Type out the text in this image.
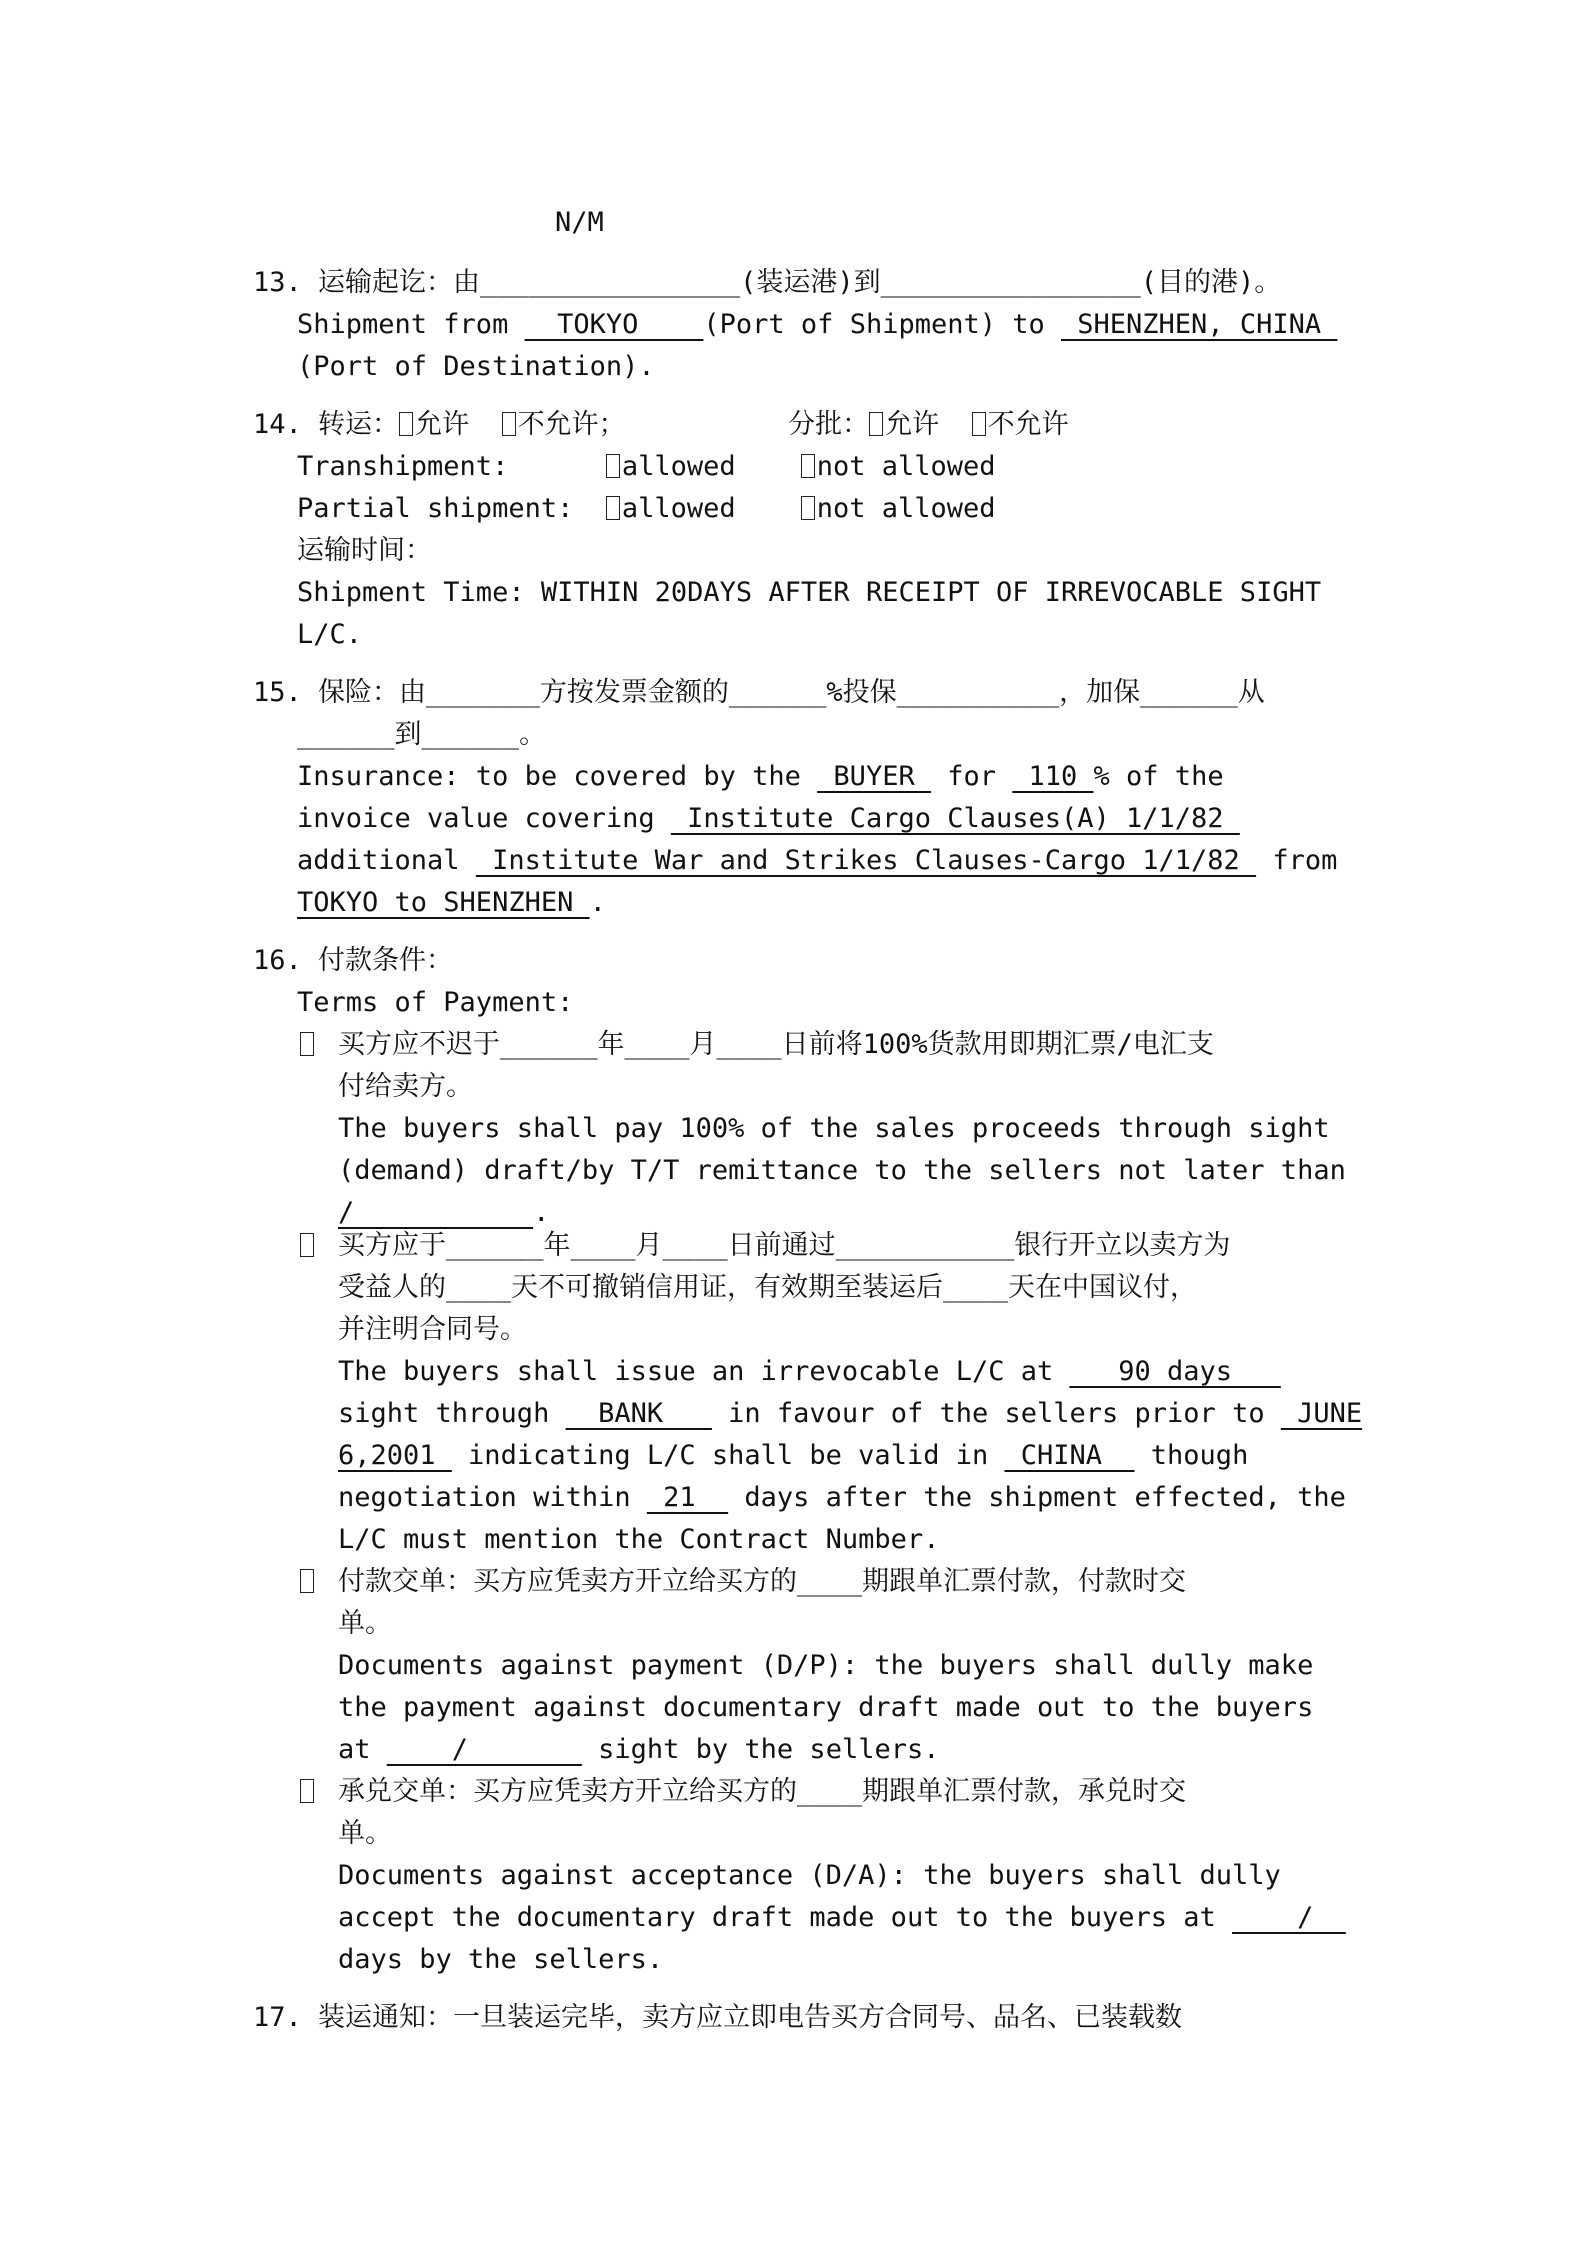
N/M
13. 运输起讫：由________________(装运港)到________________(目的港)。
Shipment from   TOKYO    (Port of Shipment) to  SHENZHEN, CHINA
(Port of Destination).
14. 转运： 允许 不允许；	分批： 允许 不允许
Transhipment:	allowed	not allowed
Partial shipment: allowed	not allowed
运输时间：
Shipment Time: WITHIN 20DAYS AFTER RECEIPT OF IRREVOCABLE SIGHT
L/C.
15. 保险：由_______方按发票金额的______%投保__________，加保______从
______到______。
Insurance: to be covered by the  BUYER  for  110 % of the
invoice value covering  Institute Cargo Clauses(A) 1/1/82
additional  Institute War and Strikes Clauses-Cargo 1/1/82  from
TOKYO to SHENZHEN .
16. 付款条件：
Terms of Payment:
买方应不迟于______年____月____日前将100%货款用即期汇票/电汇支
付给卖方。
The buyers shall pay 100% of the sales proceeds through sight
(demand) draft/by T/T remittance to the sellers not later than
/           .
买方应于______年____月____日前通过___________银行开立以卖方为
受益人的____天不可撤销信用证，有效期至装运后____天在中国议付，
并注明合同号。
The buyers shall issue an irrevocable L/C at    90 days
sight through   BANK    in favour of the sellers prior to  JUNE
6,2001  indicating L/C shall be valid in  CHINA   though
negotiation within  21   days after the shipment effected, the
L/C must mention the Contract Number.
付款交单：买方应凭卖方开立给买方的____期跟单汇票付款，付款时交
单。
Documents against payment (D/P): the buyers shall dully make
the payment against documentary draft made out to the buyers
at     /        sight by the sellers.
承兑交单：买方应凭卖方开立给买方的____期跟单汇票付款，承兑时交
单。
Documents against acceptance (D/A): the buyers shall dully
accept the documentary draft made out to the buyers at     /
days by the sellers.
17. 装运通知：一旦装运完毕，卖方应立即电告买方合同号、品名、已装载数
